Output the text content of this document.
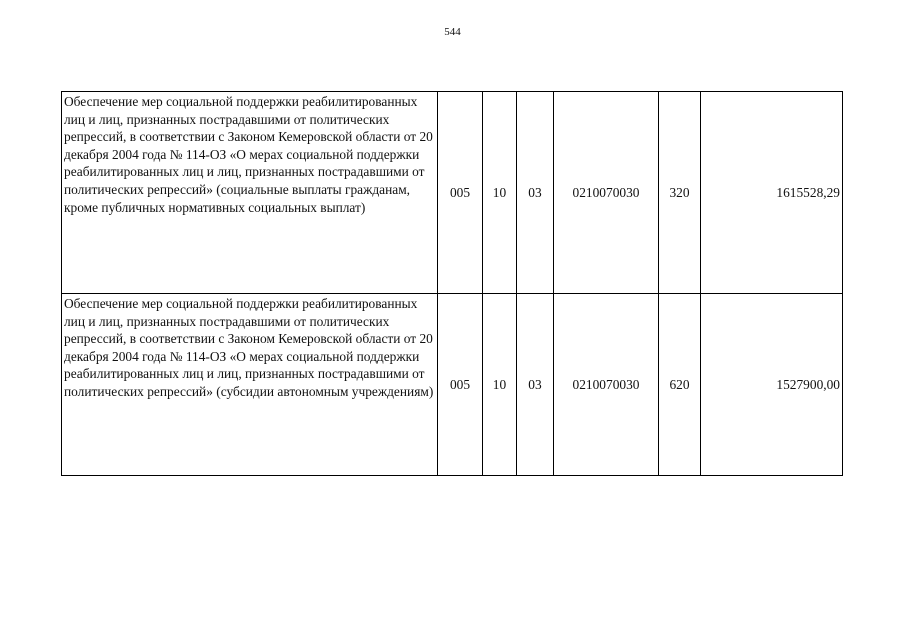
544
Обеспечение мер социальной поддержки реабилитированных лиц и лиц, признанных пострадавшими от политических репрессий, в соответствии с Законом Кемеровской области от 20 декабря 2004 года № 114-ОЗ «О мерах социальной поддержки реабилитированных лиц и лиц, признанных пострадавшими от политических репрессий» (социальные выплаты гражданам, кроме публичных нормативных социальных выплат)	005	10	03	0210070030	320	1615528,29
Обеспечение мер социальной поддержки реабилитированных лиц и лиц, признанных пострадавшими от политических репрессий, в соответствии с Законом Кемеровской области от 20 декабря 2004 года № 114-ОЗ «О мерах социальной поддержки реабилитированных лиц и лиц, признанных пострадавшими от политических репрессий» (субсидии автономным учреждениям)	005	10	03	0210070030	620	1527900,00
